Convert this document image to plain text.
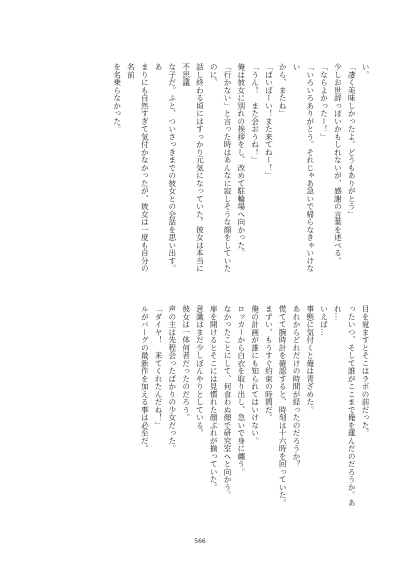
い。

「凄く美味しかったよ。どうもありがとう」

少しお世辞っぽいかもしれないが、感謝の言葉を述べる。

「ならよかったー！」

「いろいろありがとう。それじゃあ急いで帰らなきゃいけない

から、またね」

「ばいばーい！また来てねー！」

「うん！　また会おうね！」

俺は彼女に別れの挨拶をし、改めて駐輪場へ向かった。

「行かない」と言った時はあんなに寂しそうな顔をしていたのに、

話し終わる頃にはすっかり元気になっていた。彼女は本当に不思議

な子だ。ふと、ついさっきまでの彼女との会話を思い出す。あ

まりにも自然すぎて気付かなかったが、彼女は一度も自分の名前

を名乗らなかった。

目を覚ますとそこはラボの前だった。

ったいつ、そして誰がここまで俺を運んだのだろうか。あれ…

いえば…

事態に気付くと俺は青ざめた。

あれからどれだけの時間が経ったのだろうか？

慌てて腕時計を確認すると、時刻は十六時を回っていた。

まずい。もうすぐ約束の時間だ。

俺の計画が誰にも知られてはいけない。

ロッカーから白衣を取り出し、急いで身に纏う。

なかったことにして、何食わぬ顔で研究室へと向かう。

扉を開けるとそこには見慣れた顔ぶれが揃っていた。

意識はまだ少しぼんやりとしている。

彼女は一体何者だったのだろう。

声の主は先程会ったばかりの少女だった。

「ダイヤ！　来てくれたんだね！」

ルがバーグの最新作を加える事は必至だ。

566
